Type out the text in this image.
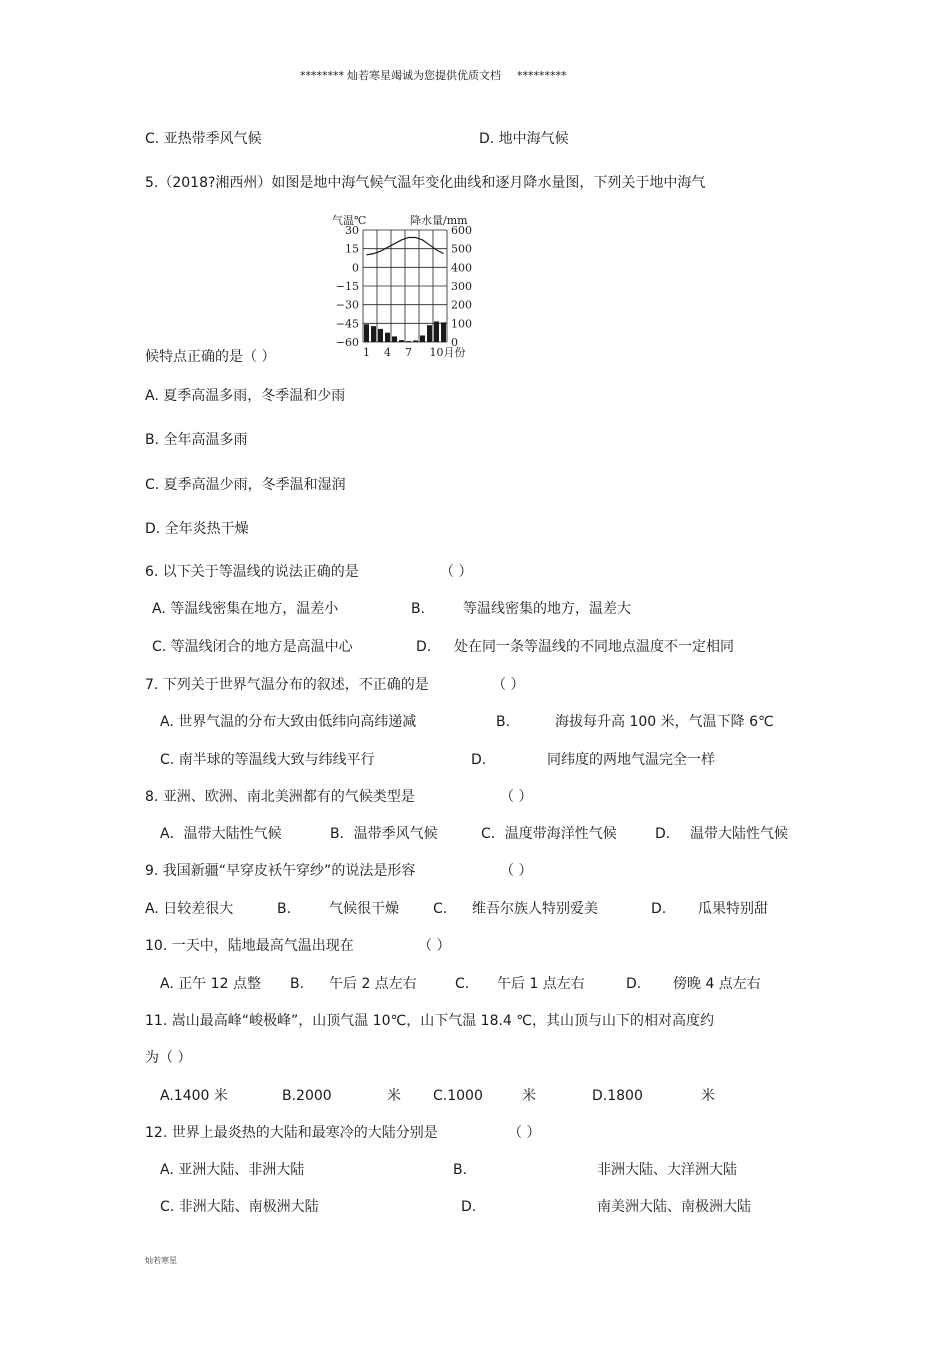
******** 灿若寒星竭诚为您提供优质文档 *********
C. 亚热带季风气候	D. 地中海气候
5.（2018?湘西州）如图是地中海气候气温年变化曲线和逐月降水量图，下列关于地中海气
气温℃	降水量/mm
30
15
0
−15
−30
−45
−60
600
500
400
300
200
100
0
1 4 7 10月份
候特点正确的是（ ）
A. 夏季高温多雨，冬季温和少雨
B. 全年高温多雨
C. 夏季高温少雨，冬季温和湿润
D. 全年炎热干燥
6. 以下关于等温线的说法正确的是	（ ）
A. 等温线密集在地方，温差小	B.	等温线密集的地方，温差大
C. 等温线闭合的地方是高温中心	D. 处在同一条等温线的不同地点温度不一定相同
7. 下列关于世界气温分布的叙述，不正确的是	（ ）
A. 世界气温的分布大致由低纬向高纬递减	B.	海拔每升高 100 米，气温下降 6℃
C. 南半球的等温线大致与纬线平行	D.	同纬度的两地气温完全一样
8. 亚洲、欧洲、南北美洲都有的气候类型是	（ ）
A．温带大陆性气候	B．温带季风气候	C．温度带海洋性气候	D. 温带大陆性气候
9. 我国新疆“早穿皮袄午穿纱”的说法是形容	（ ）
A. 日较差很大	B.	气候很干燥 C. 维吾尔族人特别爱美	D. 瓜果特别甜
10. 一天中，陆地最高气温出现在	（ ）
A. 正午 12 点整 B. 午后 2 点左右	C. 午后 1 点左右	D. 傍晚 4 点左右
11. 嵩山最高峰“峻极峰”，山顶气温 10℃，山下气温 18.4 ℃，其山顶与山下的相对高度约
为（ ）
A.1400 米	B.2000	米 C.1000	米	D.1800	米
12. 世界上最炎热的大陆和最寒冷的大陆分别是	（ ）
A. 亚洲大陆、非洲大陆	B.	非洲大陆、大洋洲大陆
C. 非洲大陆、南极洲大陆	D.	南美洲大陆、南极洲大陆
灿若寒星
